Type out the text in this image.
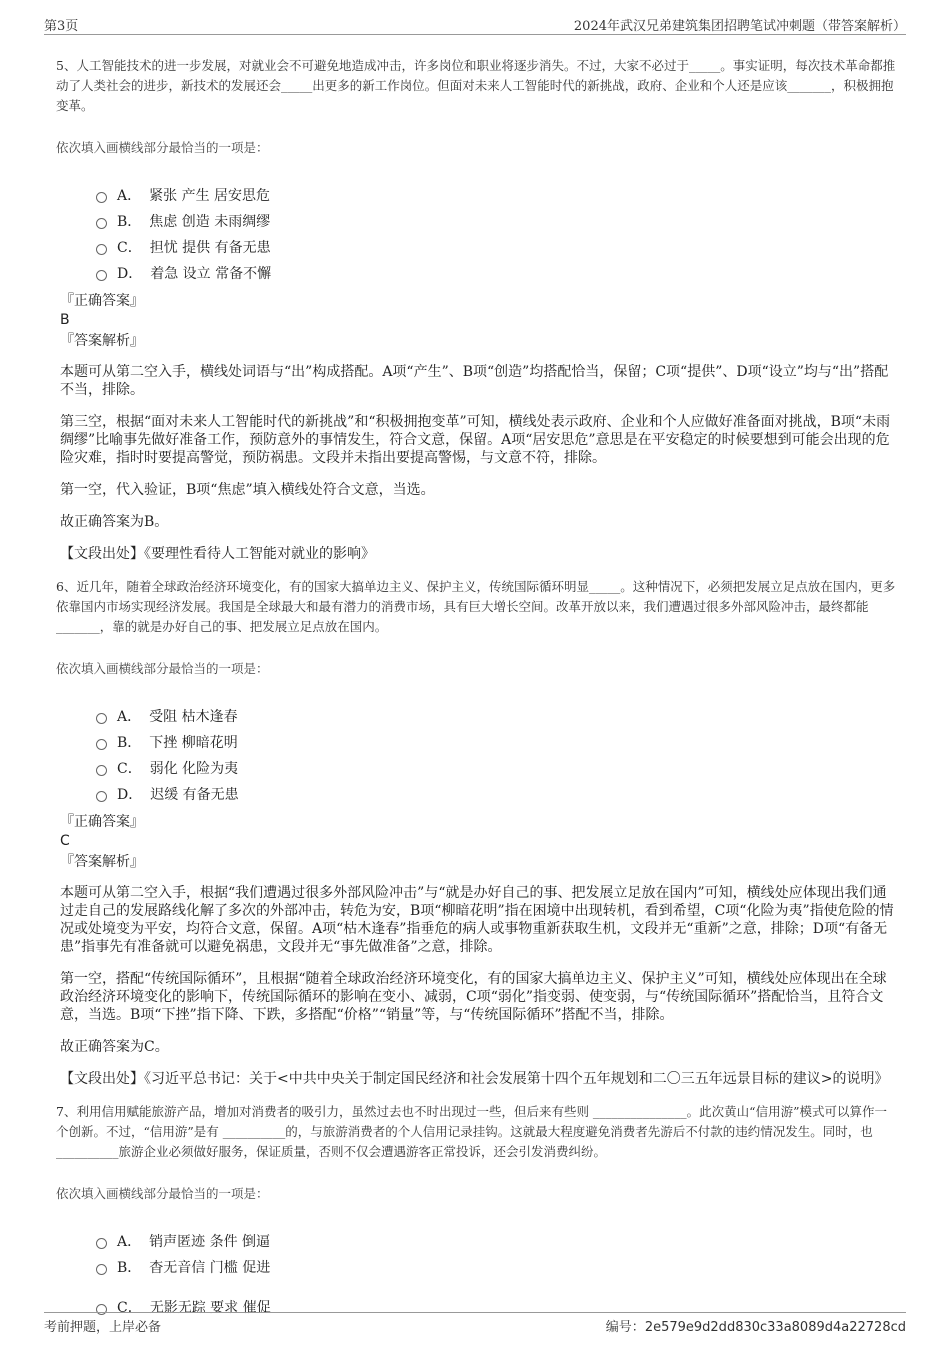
第3页	2024年武汉兄弟建筑集团招聘笔试冲刺题（带答案解析）

5、人工智能技术的进一步发展，对就业会不可避免地造成冲击，许多岗位和职业将逐步消失。不过，大家不必过于_____。事实证明，每次技术革命都推动了人类社会的进步，新技术的发展还会_____出更多的新工作岗位。但面对未来人工智能时代的新挑战，政府、企业和个人还是应该_______，积极拥抱变革。

依次填入画横线部分最恰当的一项是：
A． 紧张 产生 居安思危
B． 焦虑 创造 未雨绸缪
C． 担忧 提供 有备无患
D． 着急 设立 常备不懈
『正确答案』
B
『答案解析』

本题可从第二空入手，横线处词语与“出”构成搭配。A项“产生”、B项“创造”均搭配恰当，保留；C项“提供”、D项“设立”均与“出”搭配不当，排除。

第三空，根据“面对未来人工智能时代的新挑战”和“积极拥抱变革”可知，横线处表示政府、企业和个人应做好准备面对挑战，B项“未雨绸缪”比喻事先做好准备工作，预防意外的事情发生，符合文意，保留。A项“居安思危”意思是在平安稳定的时候要想到可能会出现的危险灾难，指时时要提高警觉，预防祸患。文段并未指出要提高警惕，与文意不符，排除。

第一空，代入验证，B项“焦虑”填入横线处符合文意，当选。

故正确答案为B。

【文段出处】《要理性看待人工智能对就业的影响》

6、近几年，随着全球政治经济环境变化，有的国家大搞单边主义、保护主义，传统国际循环明显_____。这种情况下，必须把发展立足点放在国内，更多依靠国内市场实现经济发展。我国是全球最大和最有潜力的消费市场，具有巨大增长空间。改革开放以来，我们遭遇过很多外部风险冲击，最终都能_______，靠的就是办好自己的事、把发展立足点放在国内。

依次填入画横线部分最恰当的一项是：
A． 受阻 枯木逢春
B． 下挫 柳暗花明
C． 弱化 化险为夷
D． 迟缓 有备无患
『正确答案』
C
『答案解析』

本题可从第二空入手，根据“我们遭遇过很多外部风险冲击”与“就是办好自己的事、把发展立足放在国内”可知，横线处应体现出我们通过走自己的发展路线化解了多次的外部冲击，转危为安，B项“柳暗花明”指在困境中出现转机，看到希望，C项“化险为夷”指使危险的情况或处境变为平安，均符合文意，保留。A项“枯木逢春”指垂危的病人或事物重新获取生机，文段并无“重新”之意，排除；D项“有备无患”指事先有准备就可以避免祸患，文段并无“事先做准备”之意，排除。

第一空，搭配“传统国际循环”，且根据“随着全球政治经济环境变化，有的国家大搞单边主义、保护主义”可知，横线处应体现出在全球政治经济环境变化的影响下，传统国际循环的影响在变小、减弱，C项“弱化”指变弱、使变弱，与“传统国际循环”搭配恰当，且符合文意，当选。B项“下挫”指下降、下跌，多搭配“价格”“销量”等，与“传统国际循环”搭配不当，排除。

故正确答案为C。

【文段出处】《习近平总书记：关于<中共中央关于制定国民经济和社会发展第十四个五年规划和二〇三五年远景目标的建议>的说明》

7、利用信用赋能旅游产品，增加对消费者的吸引力，虽然过去也不时出现过一些，但后来有些则 _______________。此次黄山“信用游”模式可以算作一个创新。不过，“信用游”是有 __________的，与旅游消费者的个人信用记录挂钩。这就最大程度避免消费者先游后不付款的违约情况发生。同时，也 __________旅游企业必须做好服务，保证质量，否则不仅会遭遇游客正常投诉，还会引发消费纠纷。

依次填入画横线部分最恰当的一项是：
A． 销声匿迹 条件 倒逼
B． 杳无音信 门槛 促进
C． 无影无踪 要求 催促
考前押题，上岸必备	编号：2e579e9d2dd830c33a8089d4a22728cd
